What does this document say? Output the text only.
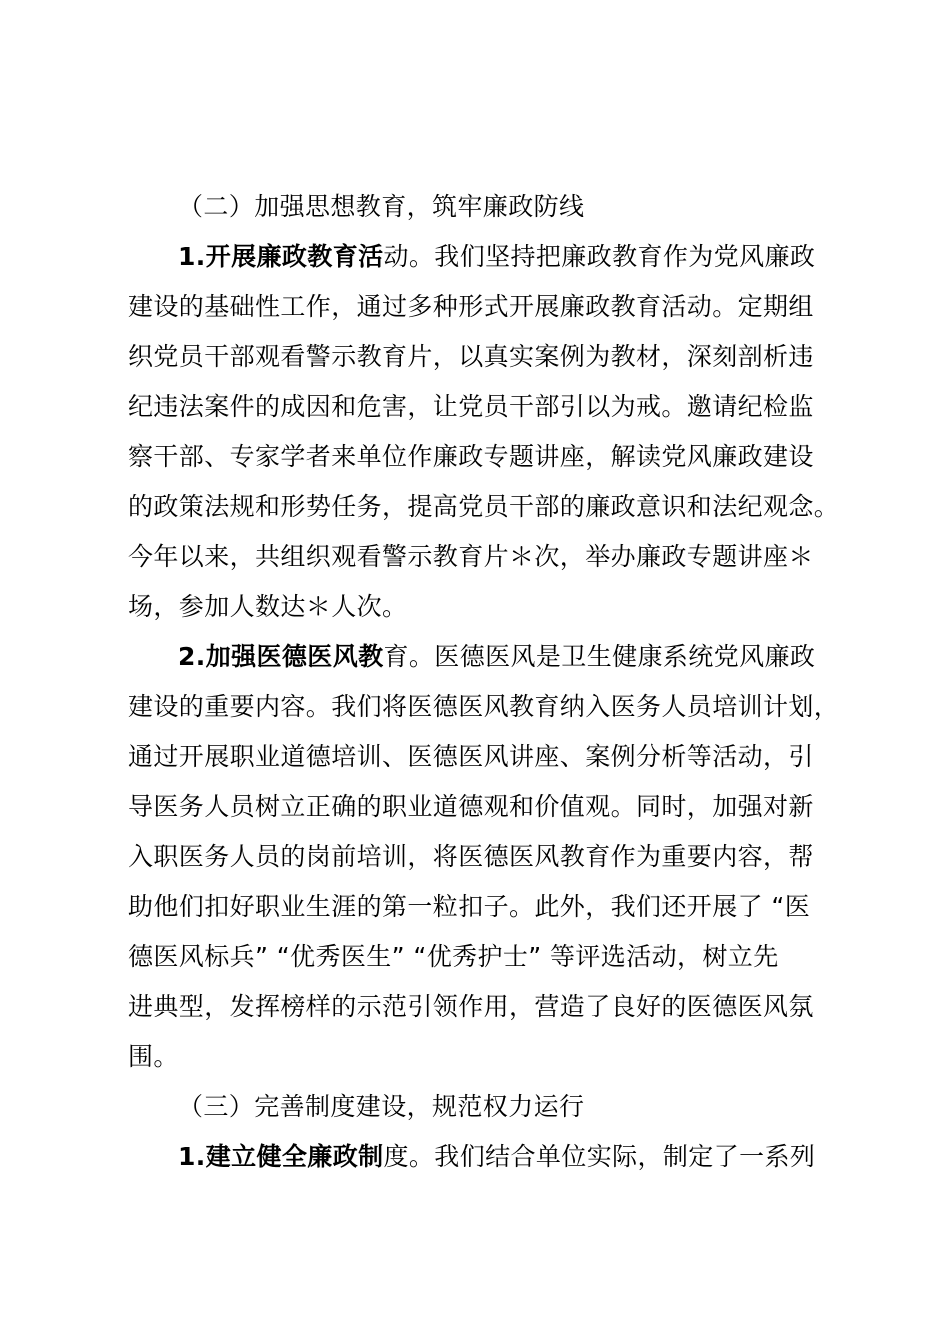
（二）加强思想教育，筑牢廉政防线
1.开展廉政教育活动。我们坚持把廉政教育作为党风廉政
建设的基础性工作，通过多种形式开展廉政教育活动。定期组
织党员干部观看警示教育片，以真实案例为教材，深刻剖析违
纪违法案件的成因和危害，让党员干部引以为戒。邀请纪检监
察干部、专家学者来单位作廉政专题讲座，解读党风廉政建设
的政策法规和形势任务，提高党员干部的廉政意识和法纪观念。
今年以来，共组织观看警示教育片＊次，举办廉政专题讲座＊
场，参加人数达＊人次。
2.加强医德医风教育。医德医风是卫生健康系统党风廉政
建设的重要内容。我们将医德医风教育纳入医务人员培训计划，
通过开展职业道德培训、医德医风讲座、案例分析等活动，引
导医务人员树立正确的职业道德观和价值观。同时，加强对新
入职医务人员的岗前培训，将医德医风教育作为重要内容，帮
助他们扣好职业生涯的第一粒扣子。此外，我们还开展了 “医
德医风标兵” “优秀医生” “优秀护士” 等评选活动，树立先
进典型，发挥榜样的示范引领作用，营造了良好的医德医风氛
围。
（三）完善制度建设，规范权力运行
1.建立健全廉政制度。我们结合单位实际，制定了一系列
